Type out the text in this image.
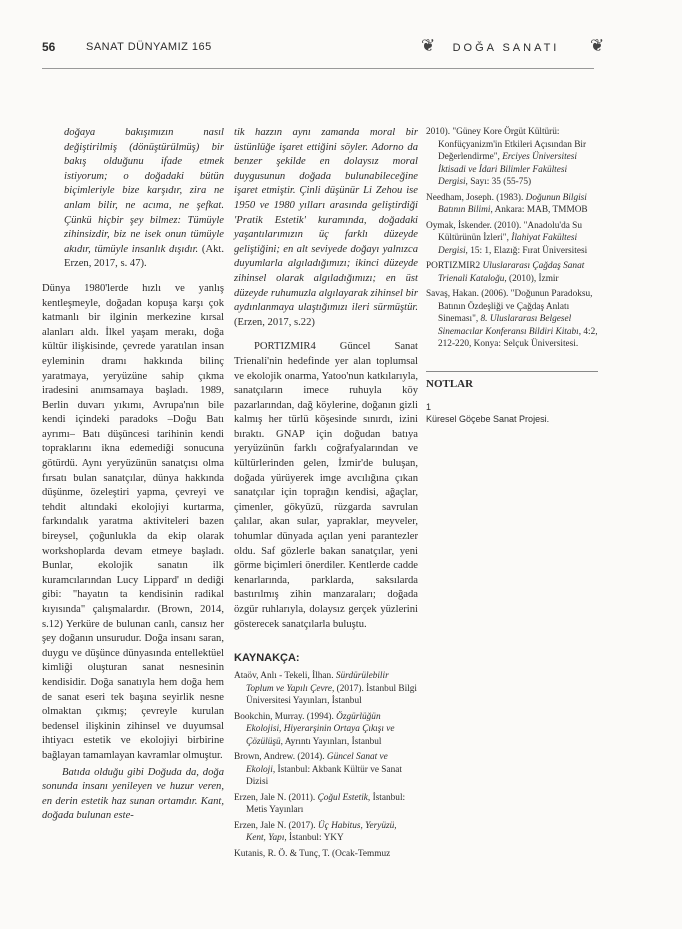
56	SANAT DÜNYAMIZ 165	❦	DOĞA SANATI	❦

doğaya bakışımızın nasıl değiştirilmiş (dönüştürülmüş) bir bakış olduğunu ifade etmek istiyorum; o doğadaki bütün biçimleriyle bize karşıdır, zira ne anlam bilir, ne acıma, ne şefkat. Çünkü hiçbir şey bilmez: Tümüyle zihinsizdir, biz ne isek onun tümüyle akıdır, tümüyle insanlık dışıdır. (Akt. Erzen, 2017, s. 47).

Dünya 1980'lerde hızlı ve yanlış kentleşmeyle, doğadan kopuşa karşı çok katmanlı bir ilginin merkezine kırsal alanları aldı. İlkel yaşam merakı, doğa kültür ilişkisinde, çevrede yaratılan insan eyleminin dramı hakkında bilinç yaratmaya, yeryüzüne sahip çıkma iradesini anımsamaya başladı. 1989, Berlin duvarı yıkımı, Avrupa'nın bile kendi içindeki paradoks –Doğu Batı ayrımı– Batı düşüncesi tarihinin kendi topraklarını ikna edemediği sonucuna götürdü. Aynı yeryüzünün sanatçısı olma fırsatı bulan sanatçılar, dünya hakkında düşünme, özeleştiri yapma, çevreyi ve tehdit altındaki ekolojiyi kurtarma, farkındalık yaratma aktiviteleri bazen bireysel, çoğunlukla da ekip olarak workshoplarda devam etmeye başladı. Bunlar, ekolojik sanatın ilk kuramcılarından Lucy Lippard' ın dediği gibi: "hayatın ta kendisinin radikal kıyısında" çalışmalardır. (Brown, 2014, s.12) Yerküre de bulunan canlı, cansız her şey doğanın unsurudur. Doğa insanı saran, duygu ve düşünce dünyasında entellektüel kimliği oluşturan sanat nesnesinin kendisidir. Doğa sanatıyla hem doğa hem de sanat eseri tek başına seyirlik nesne olmaktan çıkmış; çevreyle kurulan bedensel ilişkinin zihinsel ve duyumsal ihtiyacı estetik ve ekolojiyi birbirine bağlayan tamamlayan kavramlar olmuştur.

Batıda olduğu gibi Doğuda da, doğa sonunda insanı yenileyen ve huzur veren, en derin estetik haz sunan ortamdır. Kant, doğada bulunan este-

tik hazzın aynı zamanda moral bir üstünlüğe işaret ettiğini söyler. Adorno da benzer şekilde en dolaysız moral duygusunun doğada bulunabileceğine işaret etmiştir. Çinli düşünür Li Zehou ise 1950 ve 1980 yılları arasında geliştirdiği 'Pratik Estetik' kuramında, doğadaki yaşantılarımızın üç farklı düzeyde geliştiğini; en alt seviyede doğayı yalnızca duyumlarla algıladığımızı; ikinci düzeyde zihinsel olarak algıladığımızı; en üst düzeyde ruhumuzla algılayarak zihinsel bir aydınlanmaya ulaştığımızı ileri sürmüştür. (Erzen, 2017, s.22)

PORTIZMIR4 Güncel Sanat Trienali'nin hedefinde yer alan toplumsal ve ekolojik onarma, Yatoo'nun katkılarıyla, sanatçıların imece ruhuyla köy pazarlarından, dağ köylerine, doğanın gizli kalmış her türlü köşesinde sınırdı, izini bıraktı. GNAP için doğudan batıya yeryüzünün farklı coğrafyalarından ve kültürlerinden gelen, İzmir'de buluşan, doğada yürüyerek imge avcılığına çıkan sanatçılar için toprağın kendisi, ağaçlar, çimenler, gökyüzü, rüzgarda savrulan çalılar, akan sular, yapraklar, meyveler, tohumlar dünyada açılan yeni parantezler oldu. Saf gözlerle bakan sanatçılar, yeni görme biçimleri önerdiler. Kentlerde cadde kenarlarında, parklarda, saksılarda bastırılmış zihin manzaraları; doğada özgür ruhlarıyla, dolaysız gerçek yüzlerini gösterecek sanatçılarla buluştu.

KAYNAKÇA:

Ataöv, Anlı - Tekeli, İlhan. Sürdürülebilir Toplum ve Yapılı Çevre, (2017). İstanbul Bilgi Üniversitesi Yayınları, İstanbul

Bookchin, Murray. (1994). Özgürlüğün Ekolojisi, Hiyerarşinin Ortaya Çıkışı ve Çözülüşü, Ayrıntı Yayınları, İstanbul

Brown, Andrew. (2014). Güncel Sanat ve Ekoloji, İstanbul: Akbank Kültür ve Sanat Dizisi

Erzen, Jale N. (2011). Çoğul Estetik, İstanbul: Metis Yayınları

Erzen, Jale N. (2017). Üç Habitus, Yeryüzü, Kent, Yapı, İstanbul: YKY

Kutanis, R. Ö. & Tunç, T. (Ocak-Temmuz

2010). "Güney Kore Örgüt Kültürü: Konfüçyanizm'in Etkileri Açısından Bir Değerlendirme", Erciyes Üniversitesi İktisadi ve İdari Bilimler Fakültesi Dergisi, Sayı: 35 (55-75)

Needham, Joseph. (1983). Doğunun Bilgisi Batının Bilimi, Ankara: MAB, TMMOB

Oymak, İskender. (2010). "Anadolu'da Su Kültürünün İzleri", İlahiyat Fakültesi Dergisi, 15: 1, Elazığ: Fırat Üniversitesi

PORTIZMIR2 Uluslararası Çağdaş Sanat Trienali Kataloğu, (2010), İzmir

Savaş, Hakan. (2006). "Doğunun Paradoksu, Batının Özdeşliği ve Çağdaş Anlatı Sineması", 8. Uluslararası Belgesel Sinemacılar Konferansı Bildiri Kitabı, 4:2, 212-220, Konya: Selçuk Üniversitesi.

NOTLAR
1
Küresel Göçebe Sanat Projesi.
